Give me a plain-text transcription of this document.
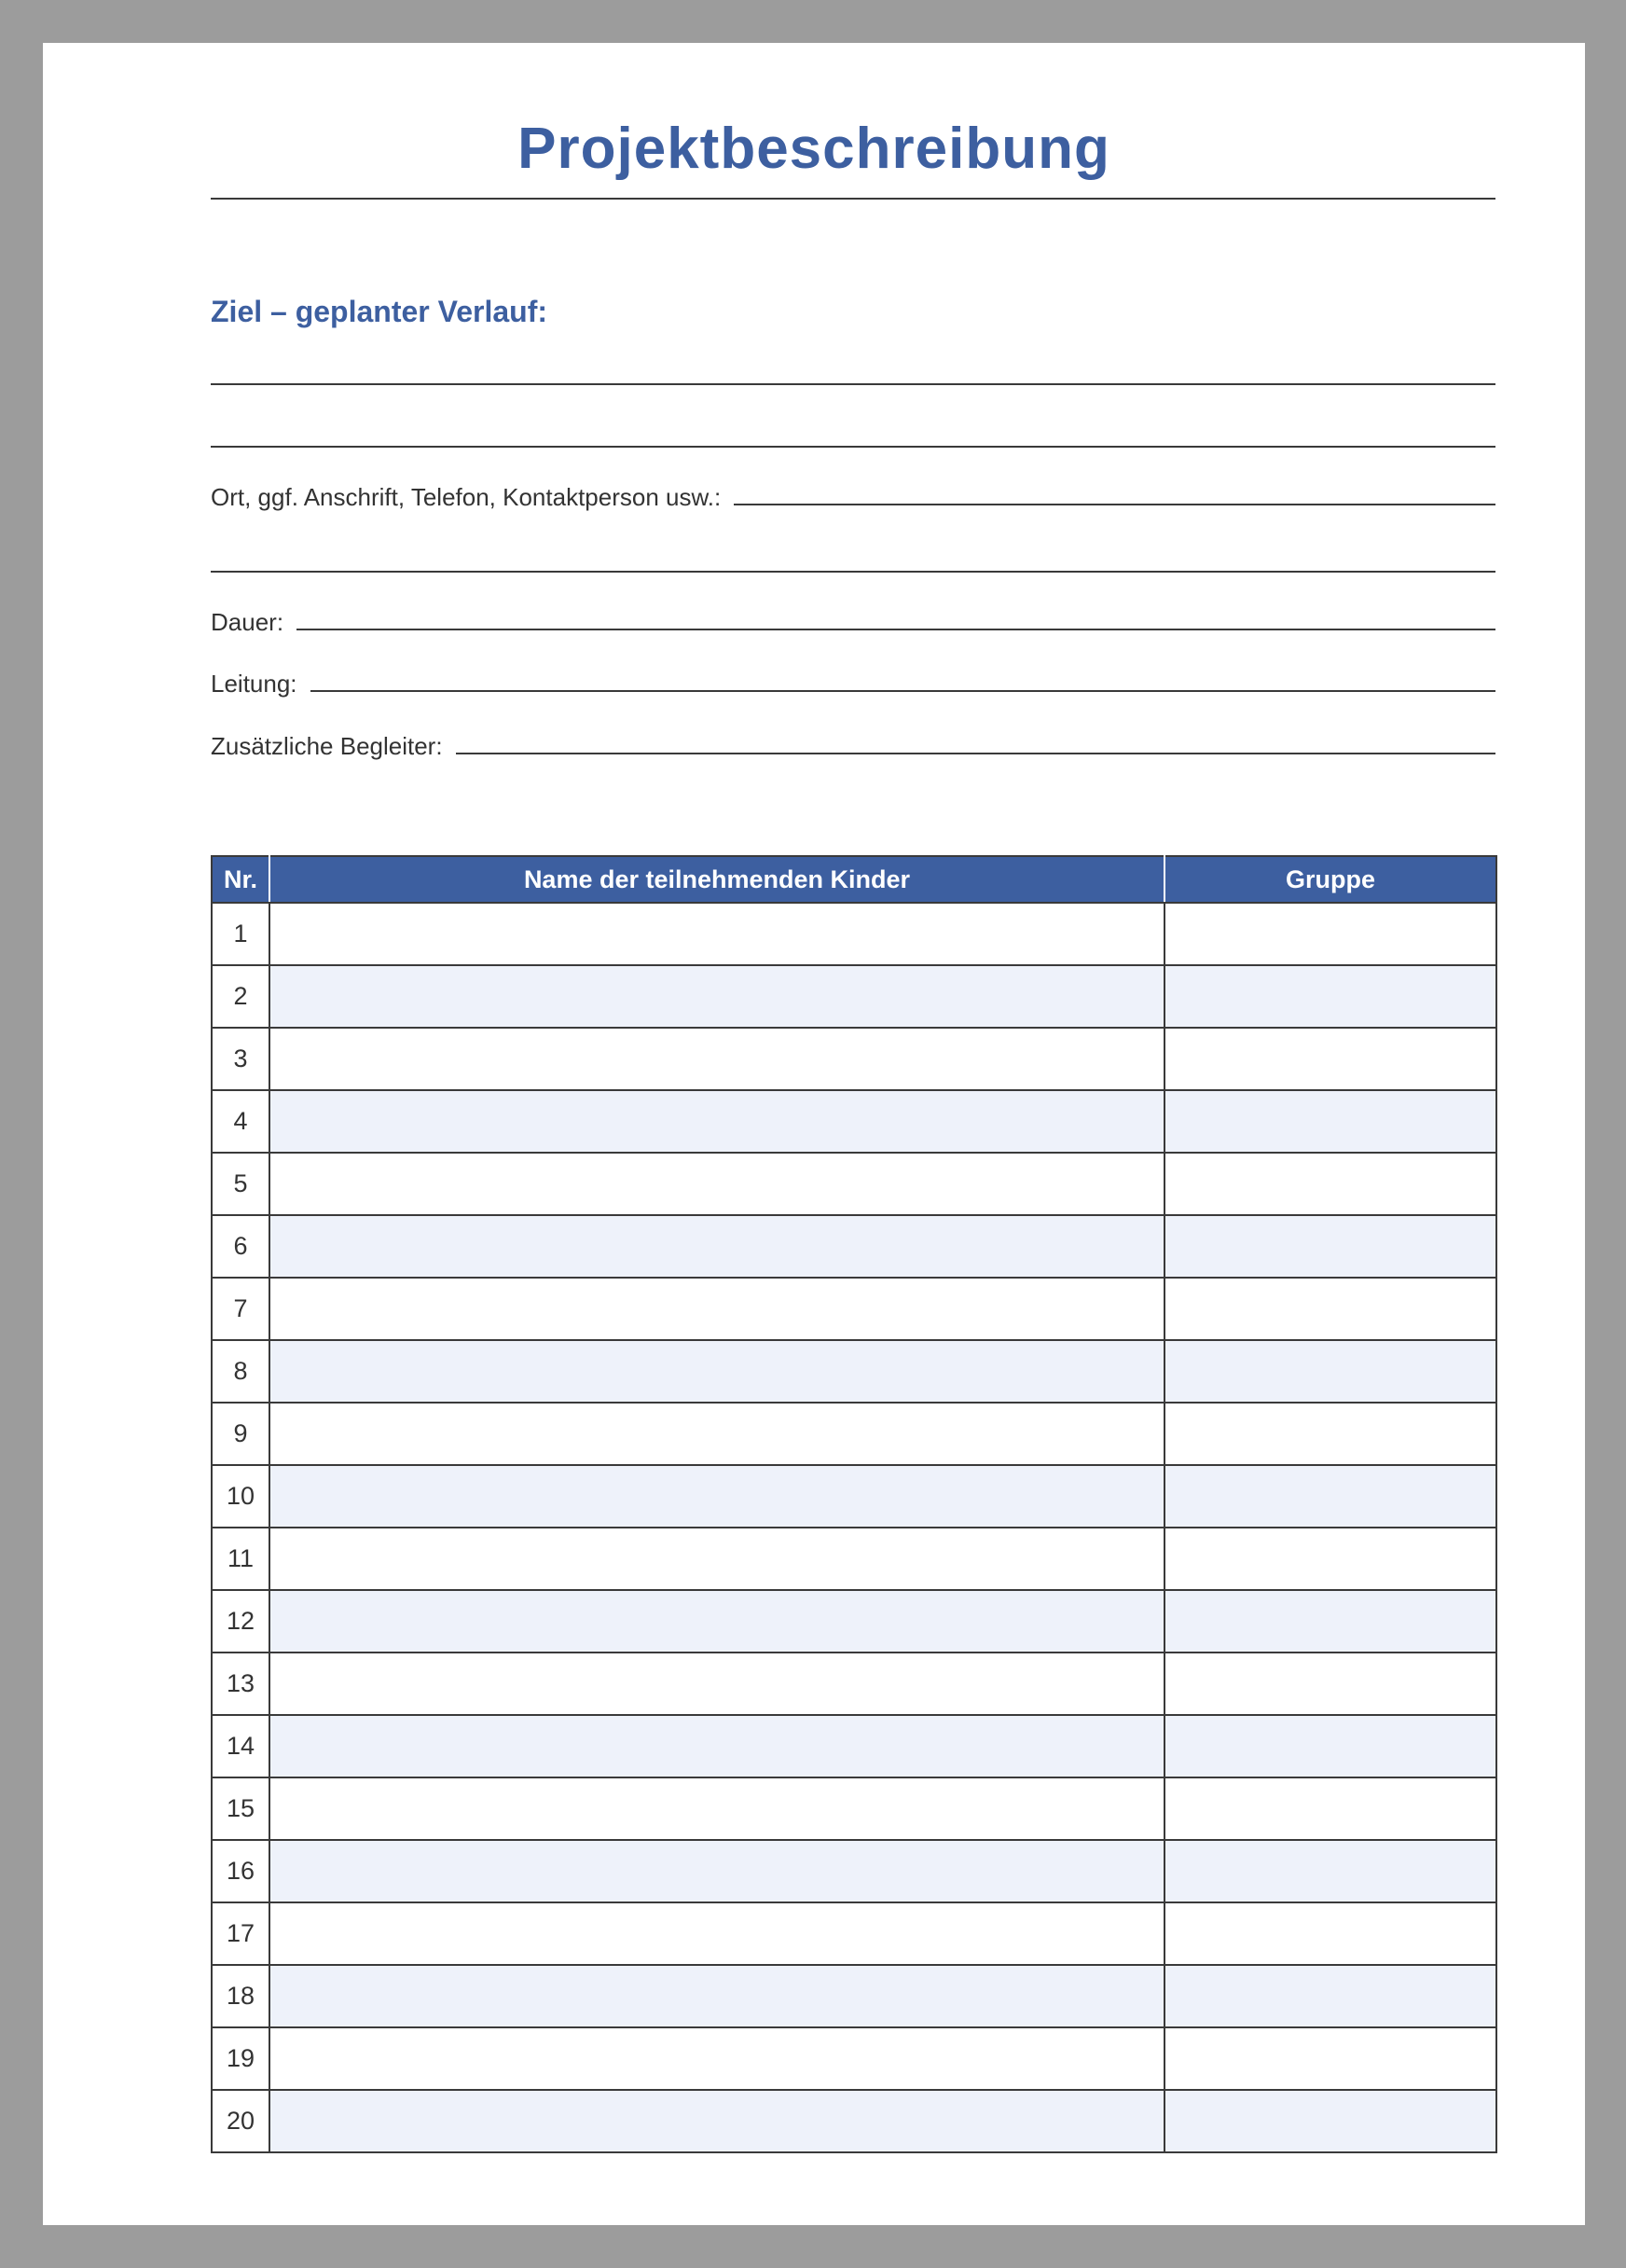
Projektbeschreibung
Ziel – geplanter Verlauf:
Ort, ggf. Anschrift, Telefon, Kontaktperson usw.:
Dauer:
Leitung:
Zusätzliche Begleiter:
Nr.	Name der teilnehmenden Kinder	Gruppe
1		
2		
3		
4		
5		
6		
7		
8		
9		
10		
11		
12		
13		
14		
15		
16		
17		
18		
19		
20		
